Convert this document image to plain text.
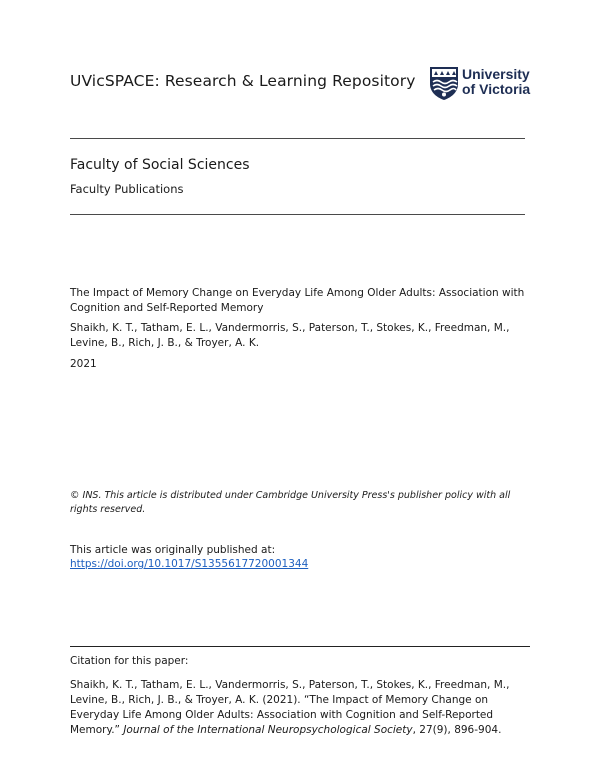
UVicSPACE: Research & Learning Repository	University
of Victoria
Faculty of Social Sciences
Faculty Publications
The Impact of Memory Change on Everyday Life Among Older Adults: Association with Cognition and Self-Reported Memory
Shaikh, K. T., Tatham, E. L., Vandermorris, S., Paterson, T., Stokes, K., Freedman, M., Levine, B., Rich, J. B., & Troyer, A. K.
2021
© INS. This article is distributed under Cambridge University Press's publisher policy with all rights reserved.
This article was originally published at:
https://doi.org/10.1017/S1355617720001344
Citation for this paper:
Shaikh, K. T., Tatham, E. L., Vandermorris, S., Paterson, T., Stokes, K., Freedman, M., Levine, B., Rich, J. B., & Troyer, A. K. (2021). “The Impact of Memory Change on Everyday Life Among Older Adults: Association with Cognition and Self-Reported Memory.” Journal of the International Neuropsychological Society, 27(9), 896-904.
